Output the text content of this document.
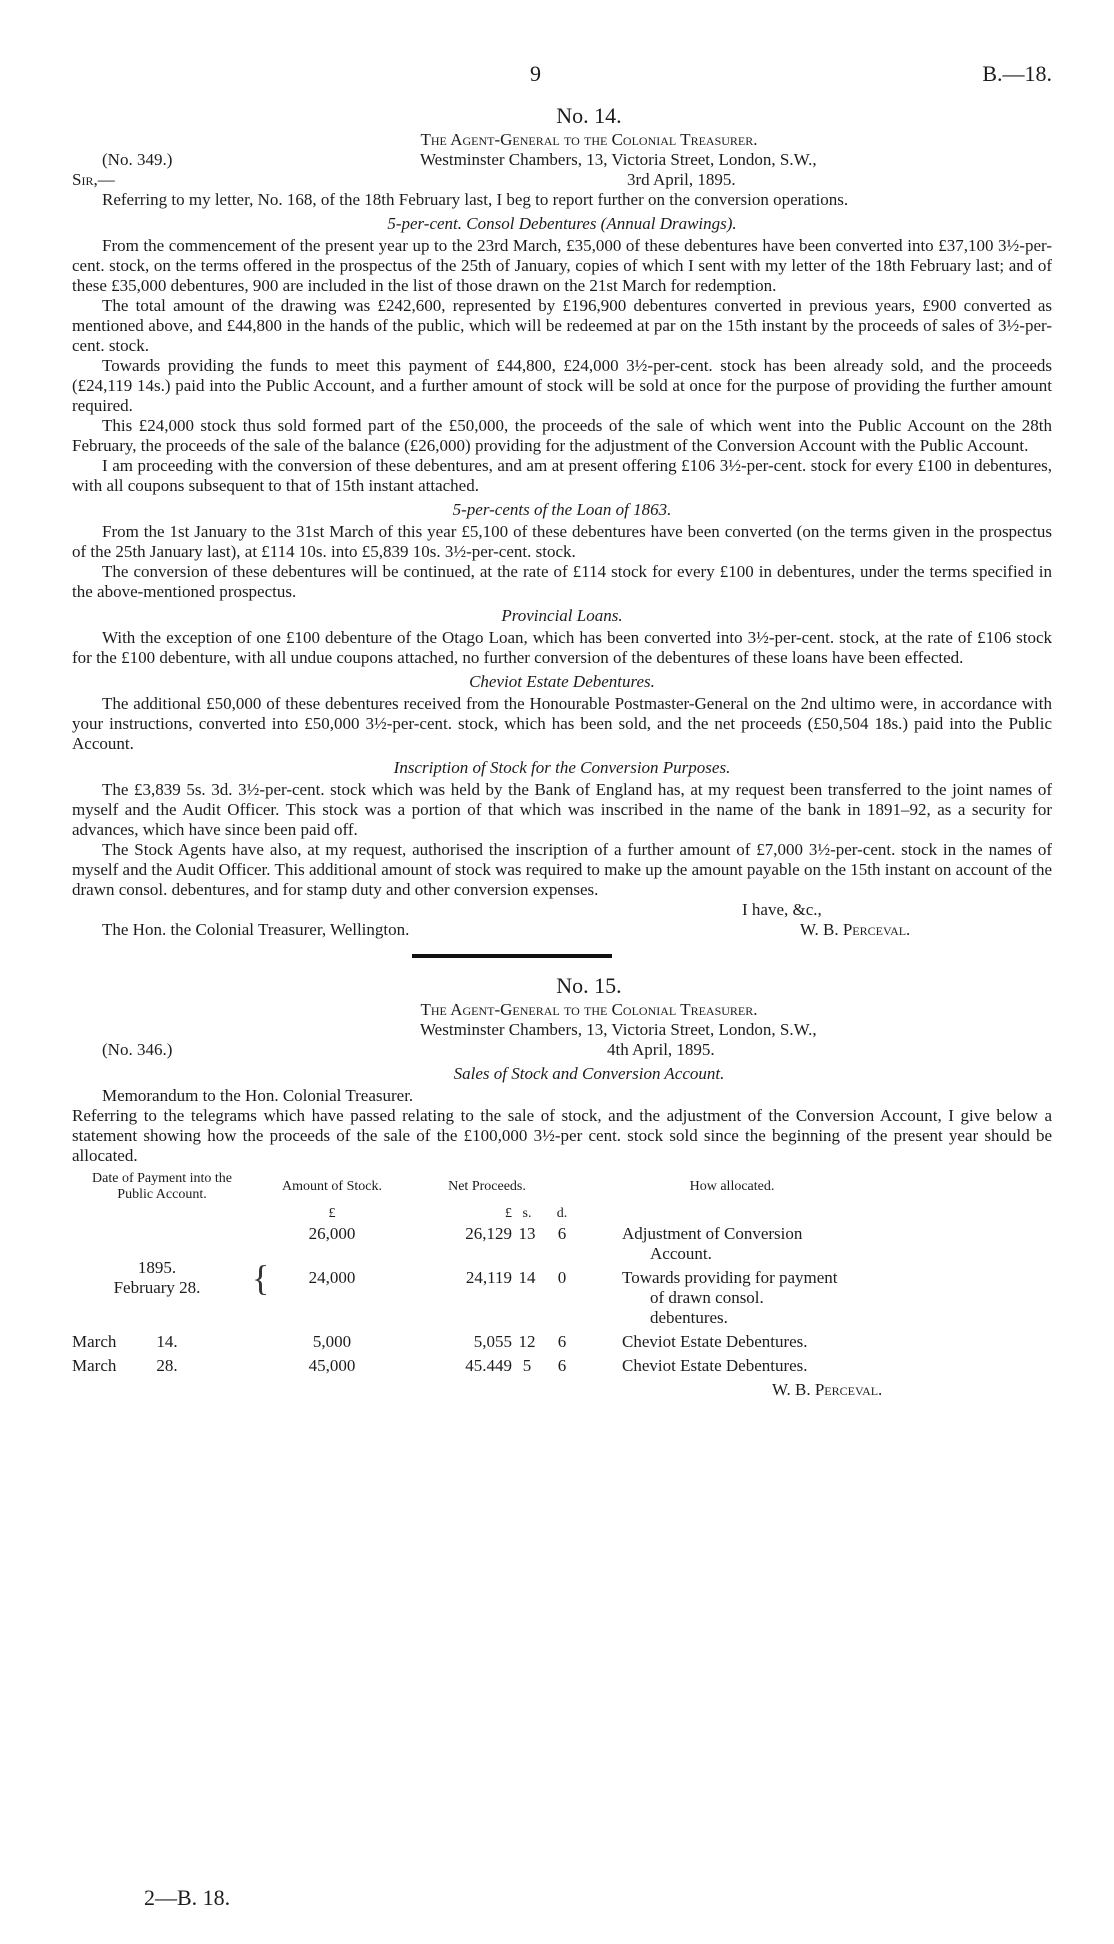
9	B.—18.
No. 14.
The Agent-General to the Colonial Treasurer.
(No. 349.)	Westminster Chambers, 13, Victoria Street, London, S.W.,
Sir,—	3rd April, 1895.

Referring to my letter, No. 168, of the 18th February last, I beg to report further on the conversion operations.

5-per-cent. Consol Debentures (Annual Drawings).

From the commencement of the present year up to the 23rd March, £35,000 of these debentures have been converted into £37,100 3½-per-cent. stock, on the terms offered in the prospectus of the 25th of January, copies of which I sent with my letter of the 18th February last; and of these £35,000 debentures, 900 are included in the list of those drawn on the 21st March for redemption.

The total amount of the drawing was £242,600, represented by £196,900 debentures converted in previous years, £900 converted as mentioned above, and £44,800 in the hands of the public, which will be redeemed at par on the 15th instant by the proceeds of sales of 3½-per-cent. stock.

Towards providing the funds to meet this payment of £44,800, £24,000 3½-per-cent. stock has been already sold, and the proceeds (£24,119 14s.) paid into the Public Account, and a further amount of stock will be sold at once for the purpose of providing the further amount required.

This £24,000 stock thus sold formed part of the £50,000, the proceeds of the sale of which went into the Public Account on the 28th February, the proceeds of the sale of the balance (£26,000) providing for the adjustment of the Conversion Account with the Public Account.

I am proceeding with the conversion of these debentures, and am at present offering £106 3½-per-cent. stock for every £100 in debentures, with all coupons subsequent to that of 15th instant attached.

5-per-cents of the Loan of 1863.

From the 1st January to the 31st March of this year £5,100 of these debentures have been converted (on the terms given in the prospectus of the 25th January last), at £114 10s. into £5,839 10s. 3½-per-cent. stock.

The conversion of these debentures will be continued, at the rate of £114 stock for every £100 in debentures, under the terms specified in the above-mentioned prospectus.

Provincial Loans.

With the exception of one £100 debenture of the Otago Loan, which has been converted into 3½-per-cent. stock, at the rate of £106 stock for the £100 debenture, with all undue coupons attached, no further conversion of the debentures of these loans have been effected.

Cheviot Estate Debentures.

The additional £50,000 of these debentures received from the Honourable Postmaster-General on the 2nd ultimo were, in accordance with your instructions, converted into £50,000 3½-per-cent. stock, which has been sold, and the net proceeds (£50,504 18s.) paid into the Public Account.

Inscription of Stock for the Conversion Purposes.

The £3,839 5s. 3d. 3½-per-cent. stock which was held by the Bank of England has, at my request been transferred to the joint names of myself and the Audit Officer. This stock was a portion of that which was inscribed in the name of the bank in 1891–92, as a security for advances, which have since been paid off.

The Stock Agents have also, at my request, authorised the inscription of a further amount of £7,000 3½-per-cent. stock in the names of myself and the Audit Officer. This additional amount of stock was required to make up the amount payable on the 15th instant on account of the drawn consol. debentures, and for stamp duty and other conversion expenses.

I have, &c.,
The Hon. the Colonial Treasurer, Wellington.	W. B. Perceval.
No. 15.
The Agent-General to the Colonial Treasurer.
Westminster Chambers, 13, Victoria Street, London, S.W.,
(No. 346.)	4th April, 1895.
Sales of Stock and Conversion Account.
Memorandum to the Hon. Colonial Treasurer.

Referring to the telegrams which have passed relating to the sale of stock, and the adjustment of the Conversion Account, I give below a statement showing how the proceeds of the sale of the £100,000 3½-per cent. stock sold since the beginning of the present year should be allocated.

Date of Payment into the Public Account.		Amount of Stock.	Net Proceeds.				How allocated.
		£	£	s.	d.		

1895.
February 28.	{	26,000	26,129	13	6		Adjustment of Conversion Account.
		24,000	24,119	14	0		Towards providing for payment of drawn consol. debentures.
March 14.		5,000	5,055	12	6		Cheviot Estate Debentures.
March 28.		45,000	45.449	5	6		Cheviot Estate Debentures.
W. B. Perceval.
2—B. 18.
